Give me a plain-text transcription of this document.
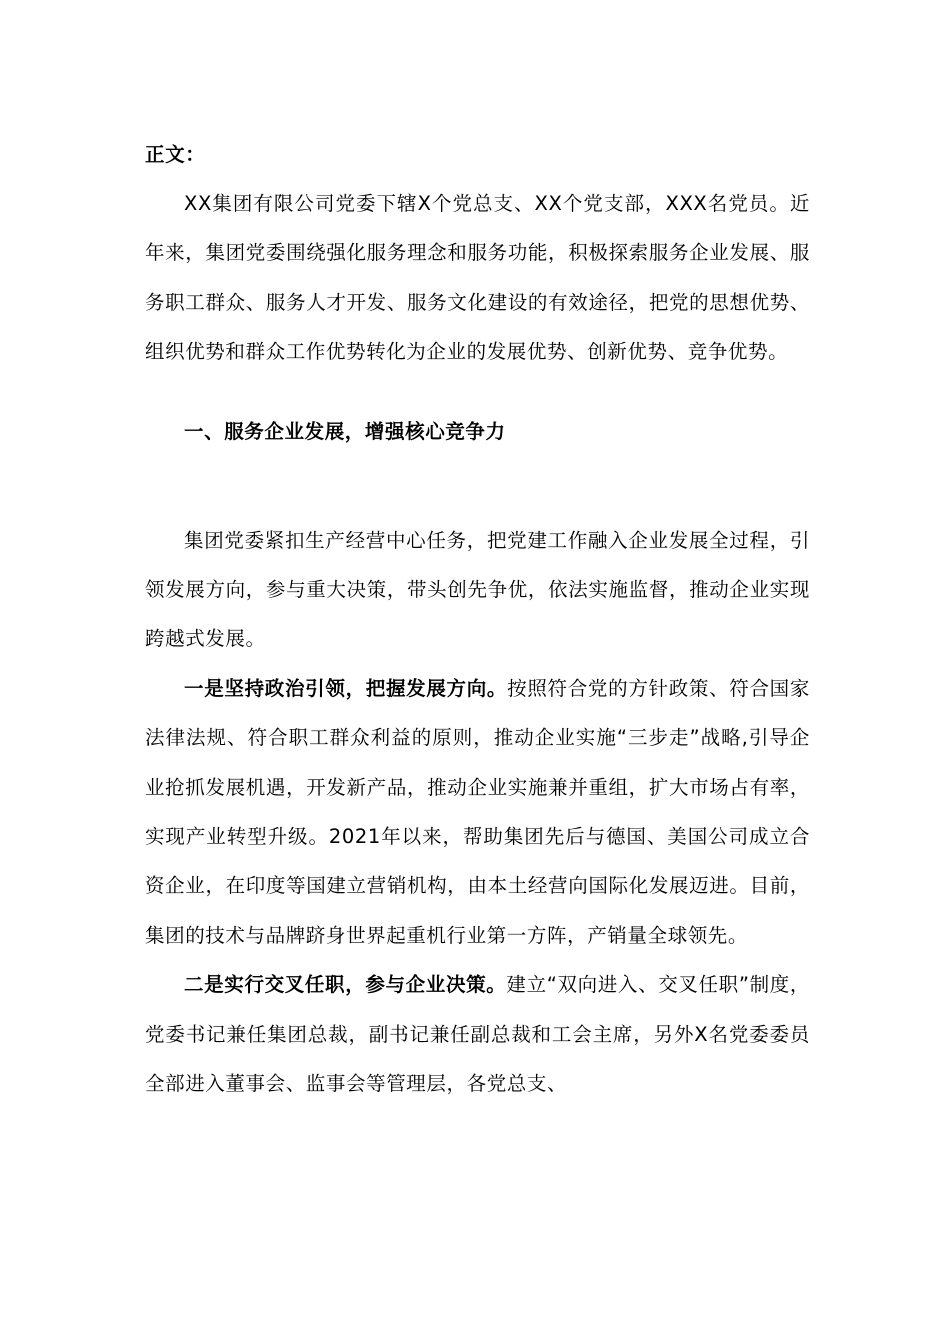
正文：

XX集团有限公司党委下辖X个党总支、XX个党支部，XXX名党员。近年来，集团党委围绕强化服务理念和服务功能，积极探索服务企业发展、服务职工群众、服务人才开发、服务文化建设的有效途径，把党的思想优势、组织优势和群众工作优势转化为企业的发展优势、创新优势、竞争优势。

一、服务企业发展，增强核心竞争力

集团党委紧扣生产经营中心任务，把党建工作融入企业发展全过程，引领发展方向，参与重大决策，带头创先争优，依法实施监督，推动企业实现跨越式发展。

一是坚持政治引领，把握发展方向。按照符合党的方针政策、符合国家法律法规、符合职工群众利益的原则，推动企业实施“三步走”战略,引导企业抢抓发展机遇，开发新产品，推动企业实施兼并重组，扩大市场占有率，实现产业转型升级。2021年以来，帮助集团先后与德国、美国公司成立合资企业，在印度等国建立营销机构，由本土经营向国际化发展迈进。目前，集团的技术与品牌跻身世界起重机行业第一方阵，产销量全球领先。

二是实行交叉任职，参与企业决策。建立“双向进入、交叉任职”制度，党委书记兼任集团总裁，副书记兼任副总裁和工会主席，另外X名党委委员全部进入董事会、监事会等管理层，各党总支、
